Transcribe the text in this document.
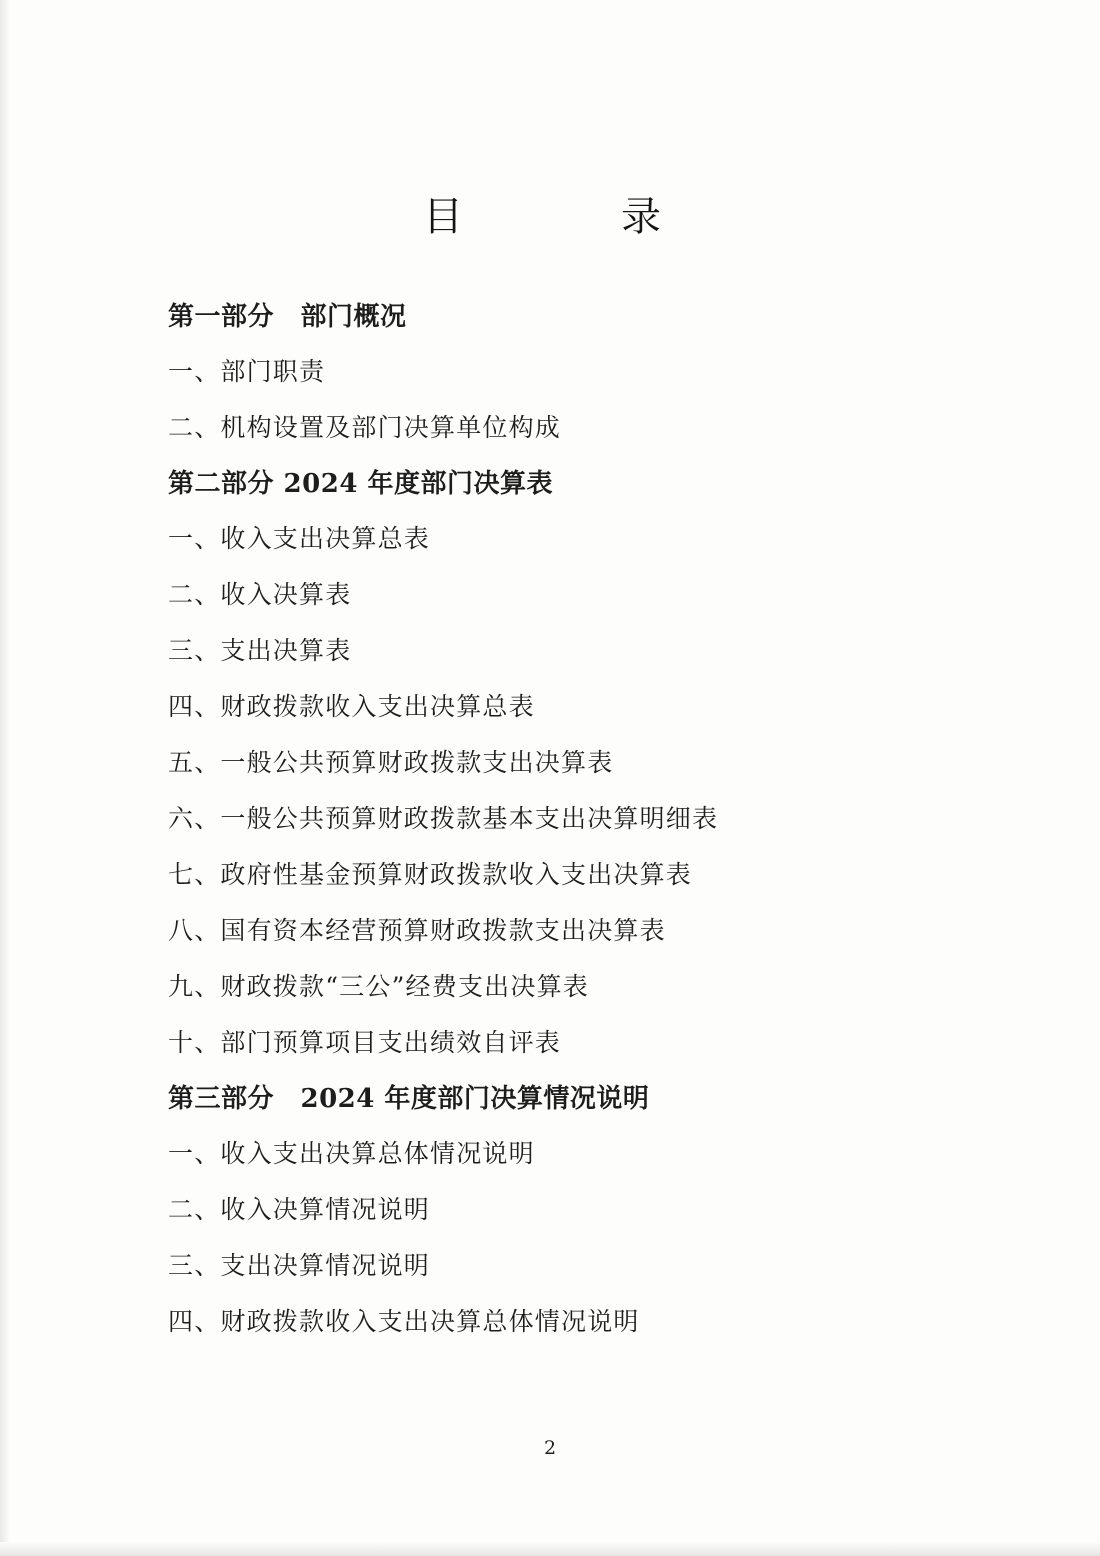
目　　录
第一部分　部门概况
一、部门职责
二、机构设置及部门决算单位构成
第二部分 2024 年度部门决算表
一、收入支出决算总表
二、收入决算表
三、支出决算表
四、财政拨款收入支出决算总表
五、一般公共预算财政拨款支出决算表
六、一般公共预算财政拨款基本支出决算明细表
七、政府性基金预算财政拨款收入支出决算表
八、国有资本经营预算财政拨款支出决算表
九、财政拨款“三公”经费支出决算表
十、部门预算项目支出绩效自评表
第三部分　2024 年度部门决算情况说明
一、收入支出决算总体情况说明
二、收入决算情况说明
三、支出决算情况说明
四、财政拨款收入支出决算总体情况说明
2
